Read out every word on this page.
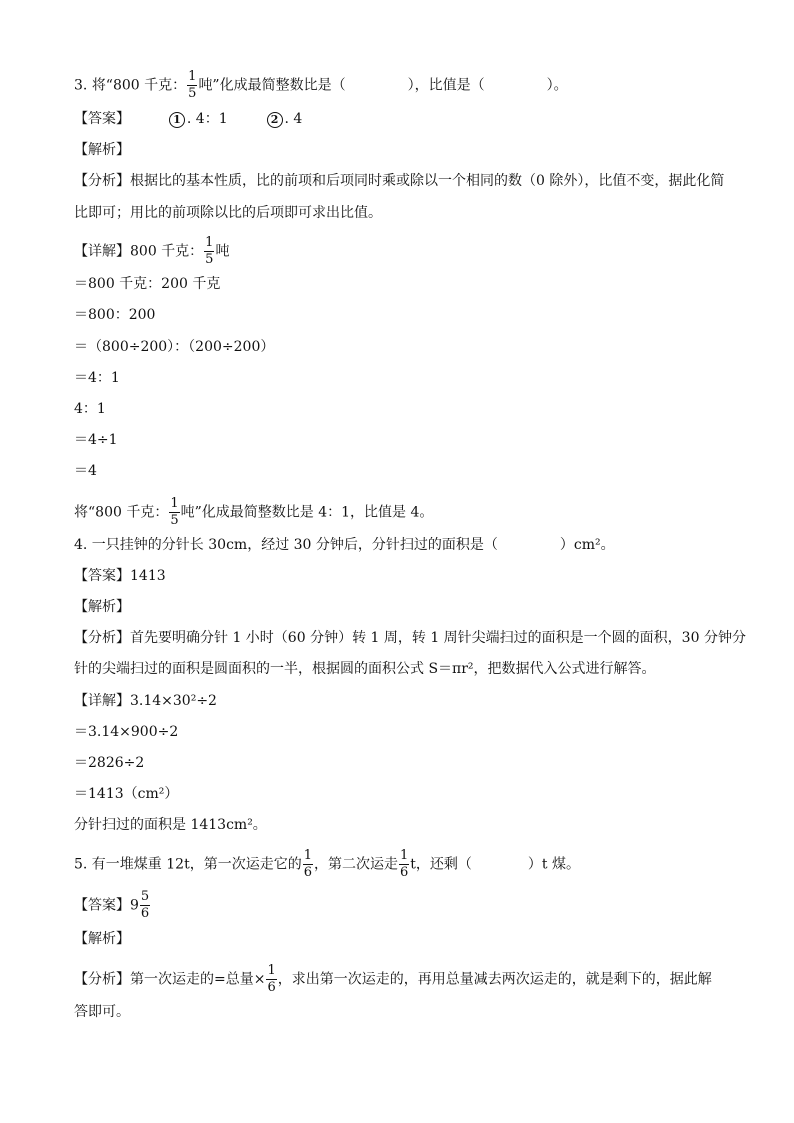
3. 将“800 千克： $\frac{1}{5}$ 吨”化成最简整数比是（	），比值是（	）。
【答案】	1 . 4：1	2 . 4
【解析】
【分析】根据比的基本性质，比的前项和后项同时乘或除以一个相同的数（0 除外），比值不变，据此化简
比即可；用比的前项除以比的后项即可求出比值。
【详解】800 千克： $\frac{1}{5}$ 吨
＝800 千克：200 千克
＝800：200
＝（800÷200）：（200÷200）
＝4：1
4：1
＝4÷1
＝4
将“800 千克： $\frac{1}{5}$ 吨”化成最简整数比是 4：1，比值是 4。
4. 一只挂钟的分针长 30cm，经过 30 分钟后，分针扫过的面积是（	）cm²。
【答案】1413
【解析】
【分析】首先要明确分针 1 小时（60 分钟）转 1 周，转 1 周针尖端扫过的面积是一个圆的面积，30 分钟分
针的尖端扫过的面积是圆面积的一半，根据圆的面积公式 S＝πr²，把数据代入公式进行解答。
【详解】3.14×30²÷2
＝3.14×900÷2
＝2826÷2
＝1413（cm²）
分针扫过的面积是 1413cm²。
5. 有一堆煤重 12t，第一次运走它的 $\frac{1}{6}$ ，第二次运走 $\frac{1}{6}$ t，还剩（	）t 煤。
【答案】$9 \frac{5}{6}$
【解析】
【分析】第一次运走的=总量× $\frac{1}{6}$ ，求出第一次运走的，再用总量减去两次运走的，就是剩下的，据此解
答即可。
